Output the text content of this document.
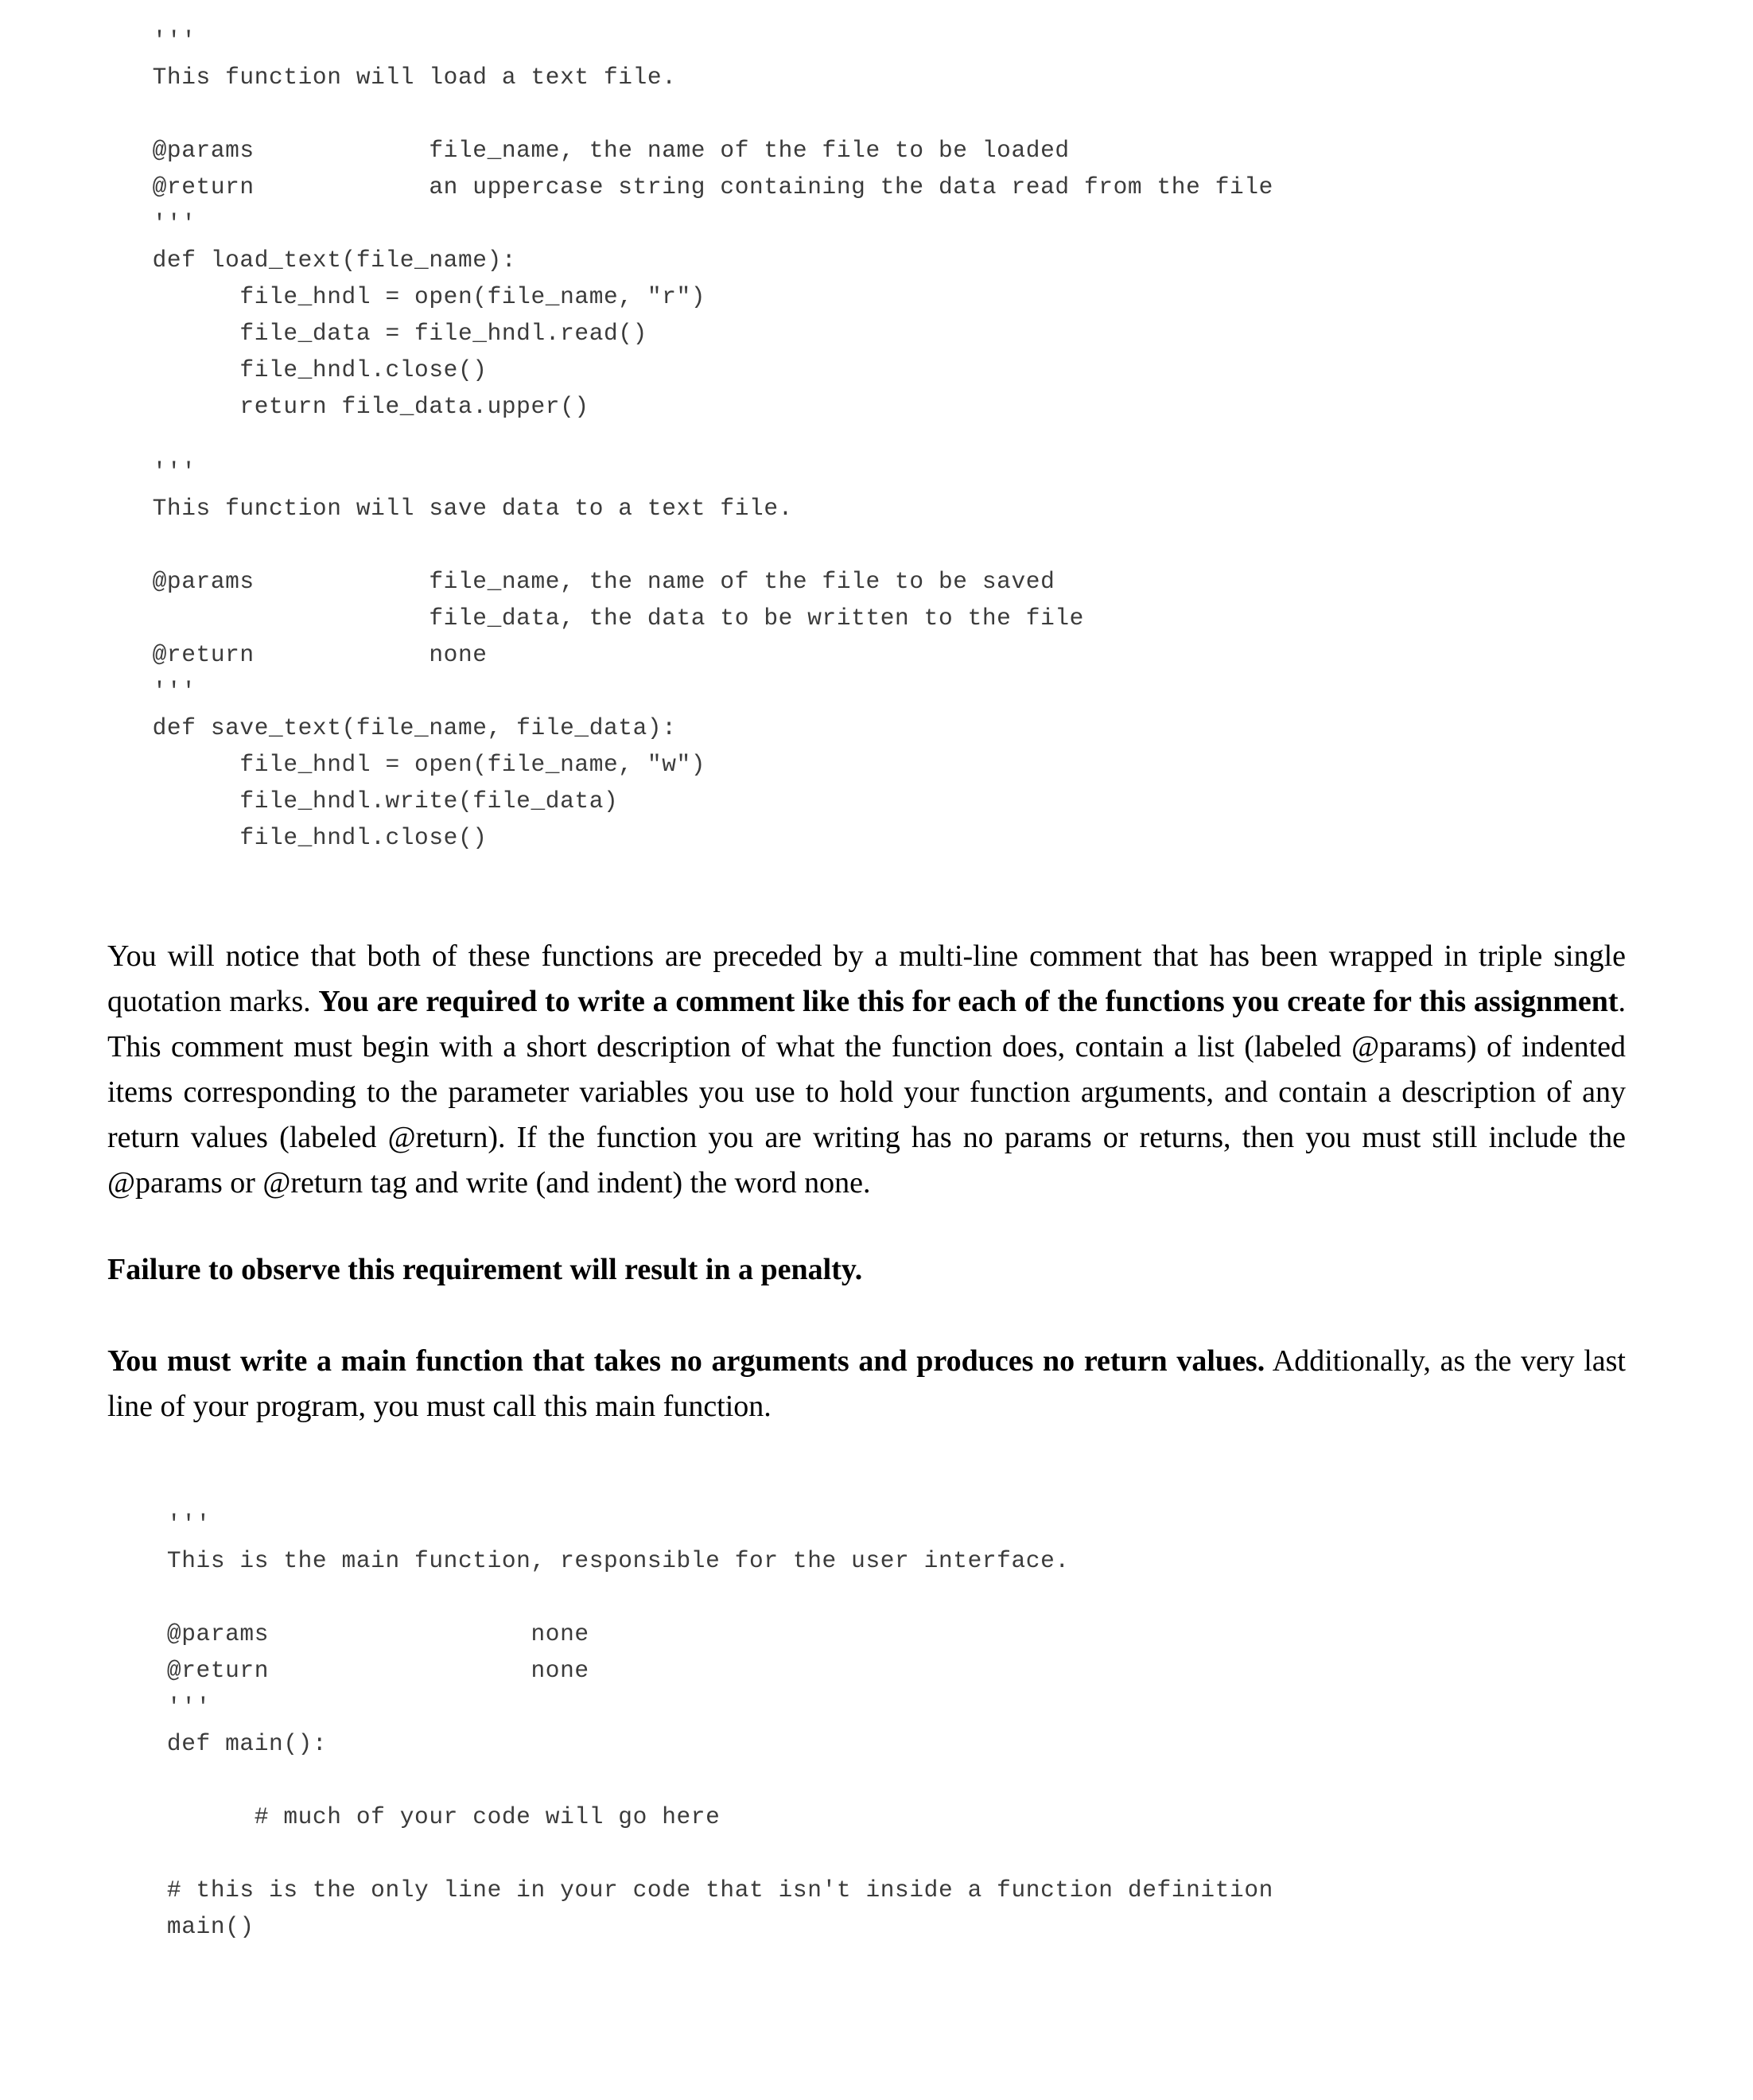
'''
This function will load a text file.
@params            file_name, the name of the file to be loaded
@return            an uppercase string containing the data read from the file
'''
def load_text(file_name):
file_hndl = open(file_name, "r")
file_data = file_hndl.read()
file_hndl.close()
return file_data.upper()
'''
This function will save data to a text file.
@params            file_name, the name of the file to be saved
file_data, the data to be written to the file
@return            none
'''
def save_text(file_name, file_data):
file_hndl = open(file_name, "w")
file_hndl.write(file_data)
file_hndl.close()

You will notice that both of these functions are preceded by a multi-line comment that has been wrapped in triple single quotation marks. You are required to write a comment like this for each of the functions you create for this assignment. This comment must begin with a short description of what the function does, contain a list (labeled @params) of indented items corresponding to the parameter variables you use to hold your function arguments, and contain a description of any return values (labeled @return). If the function you are writing has no params or returns, then you must still include the @params or @return tag and write (and indent) the word none.

Failure to observe this requirement will result in a penalty.

You must write a main function that takes no arguments and produces no return values. Additionally, as the very last line of your program, you must call this main function.

'''
This is the main function, responsible for the user interface.
@params                  none
@return                  none
'''
def main():
# much of your code will go here
# this is the only line in your code that isn't inside a function definition
main()
